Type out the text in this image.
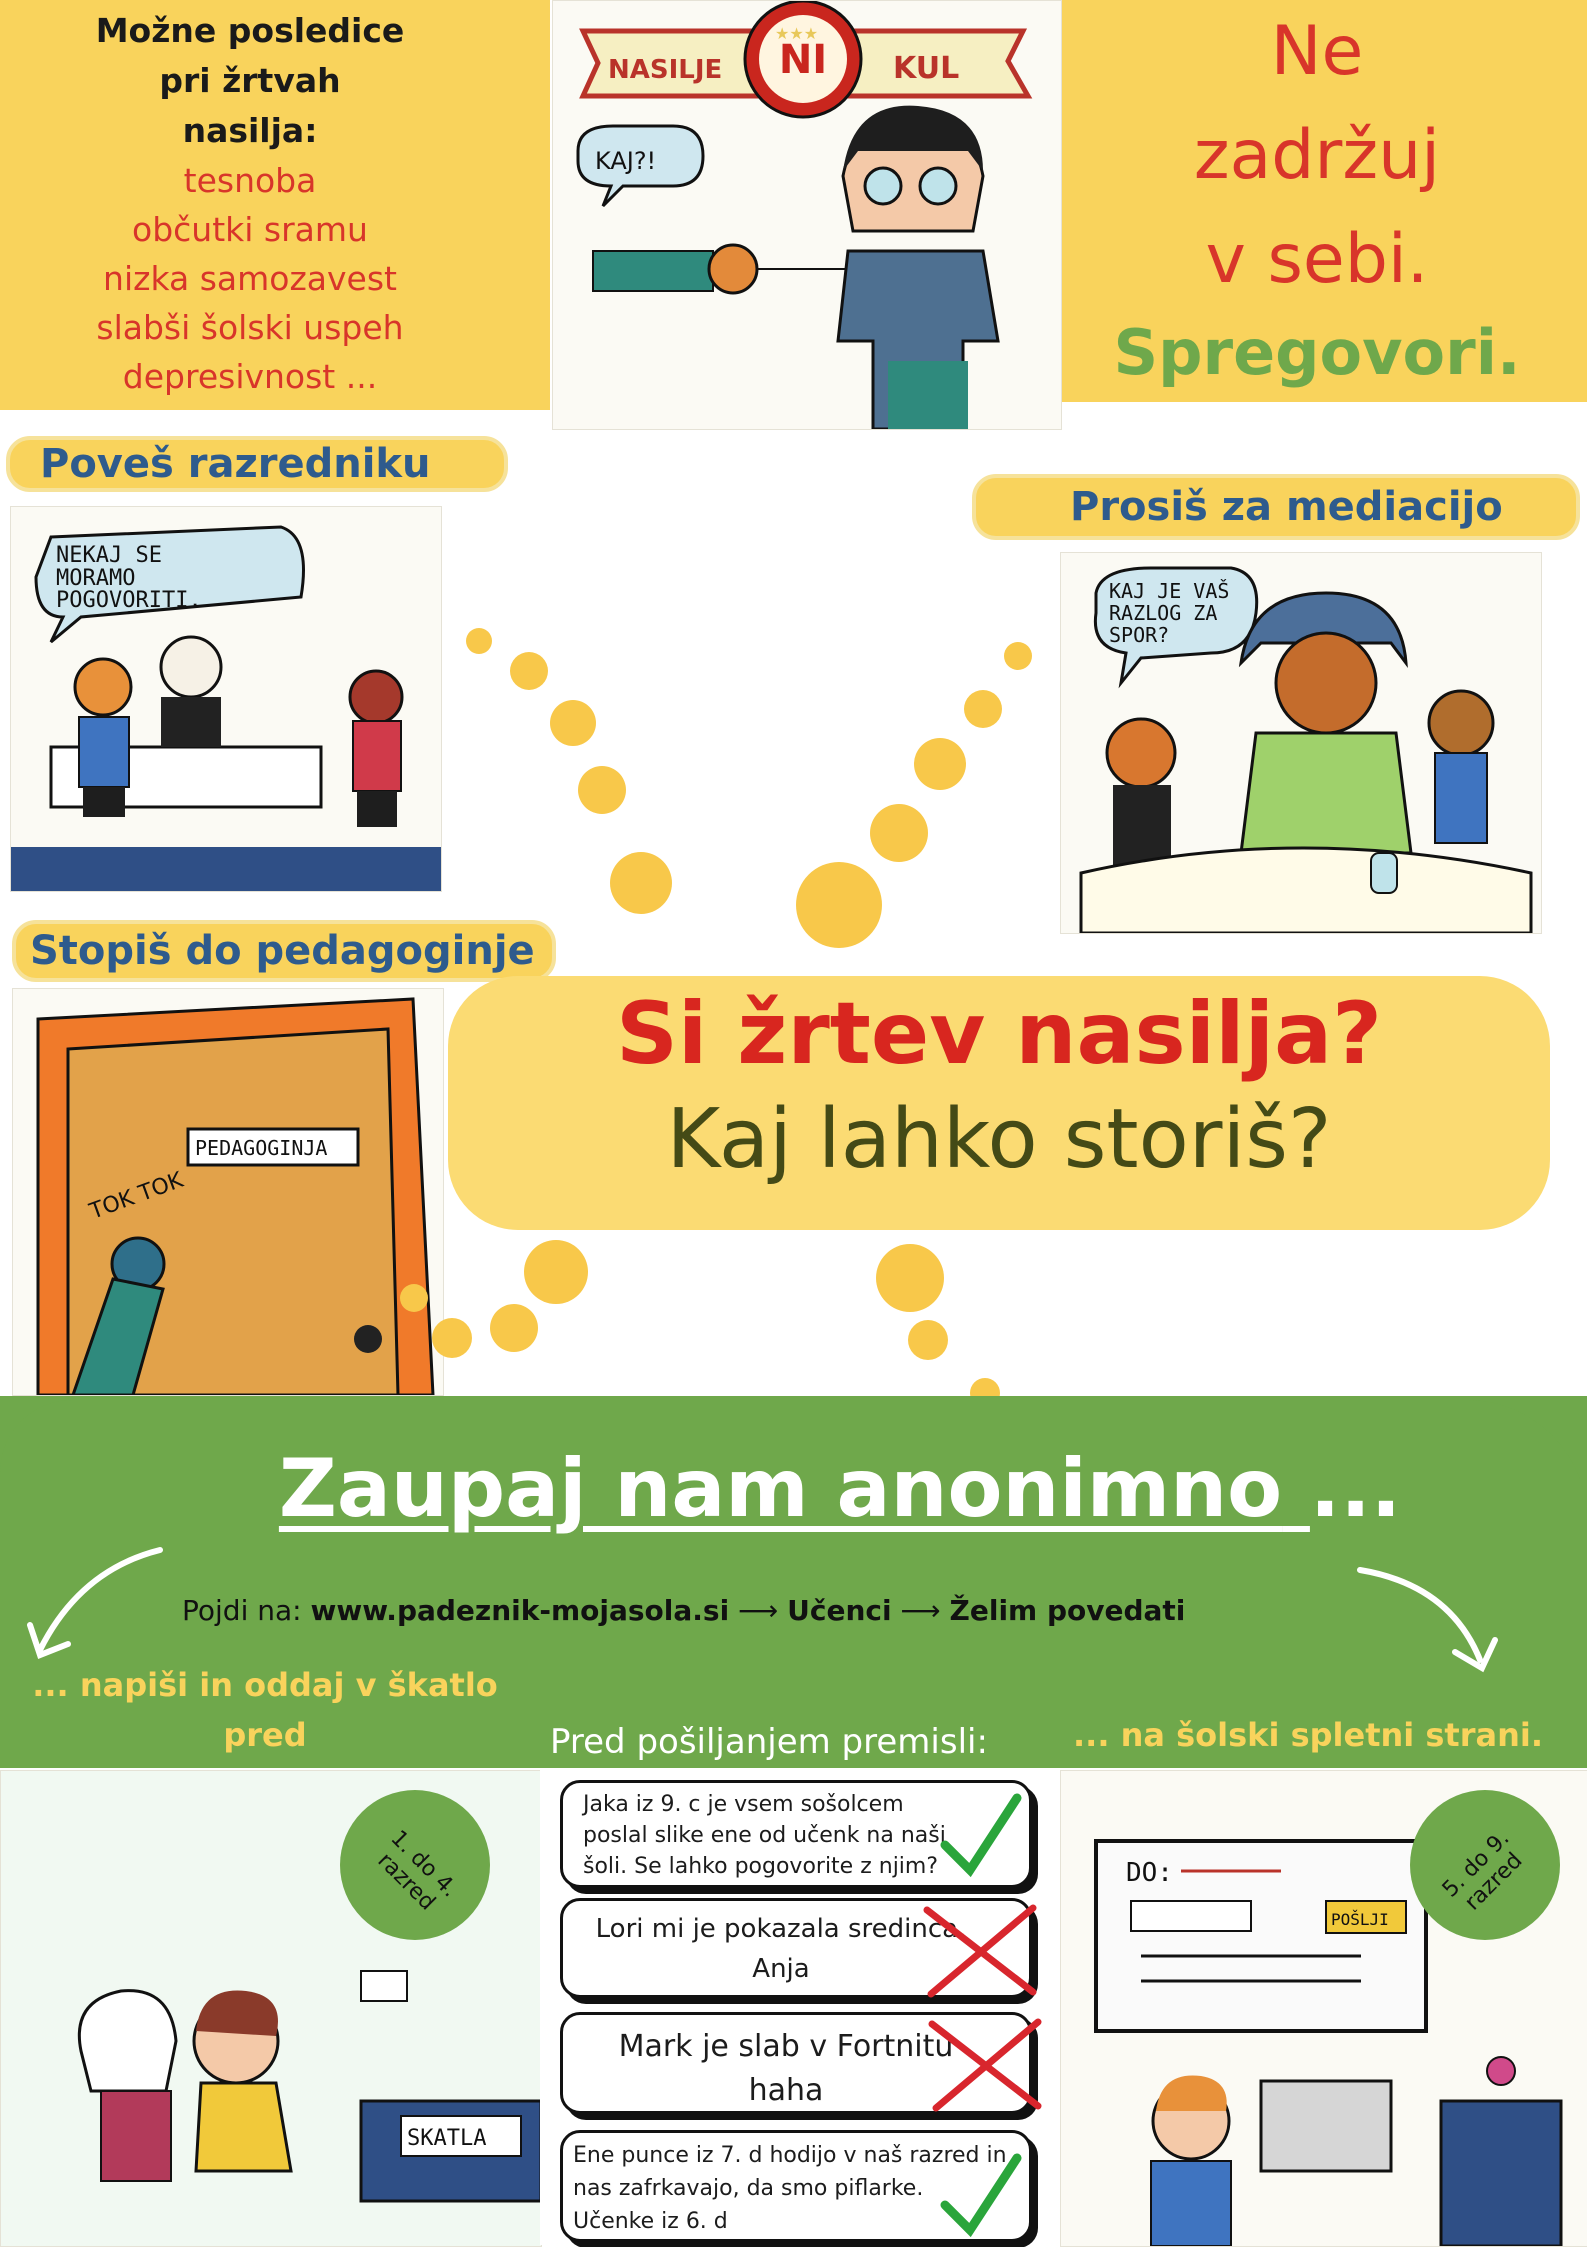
Možne posledice
pri žrtvah
nasilja:
tesnoba
občutki sramu
nizka samozavest
slabši šolski uspeh
depresivnost ...
★★★
NI
NASILJE	KUL
KAJ?!
Ne
zadržuj
v sebi.
Spregovori.
Poveš razredniku
Prosiš za mediacijo
Stopiš do pedagoginje
NEKAJ SE MORAMO POGOVORITI.	KAJ JE VAŠ RAZLOG ZA SPOR?
PEDAGOGINJA
TOK TOK
Si žrtev nasilja?
Kaj lahko storiš?
Zaupaj nam anonimno ...
Pojdi na: www.padeznik-mojasola.si ⟶ Učenci ⟶ Želim povedati
... napiši in oddaj v škatlo pred	Pred pošiljanjem premisli:	... na šolski spletni strani.
SKATLA
1. do 4. razred	DO:
POŠLJI
5. do 9. razred
Jaka iz 9. c je vsem sošolcem poslal slike ene od učenk na naši šoli. Se lahko pogovorite z njim?
Lori mi je pokazala sredinca. Anja
Mark je slab v Fortnitu haha
Ene punce iz 7. d hodijo v naš razred in nas zafrkavajo, da smo piflarke. Učenke iz 6. d
